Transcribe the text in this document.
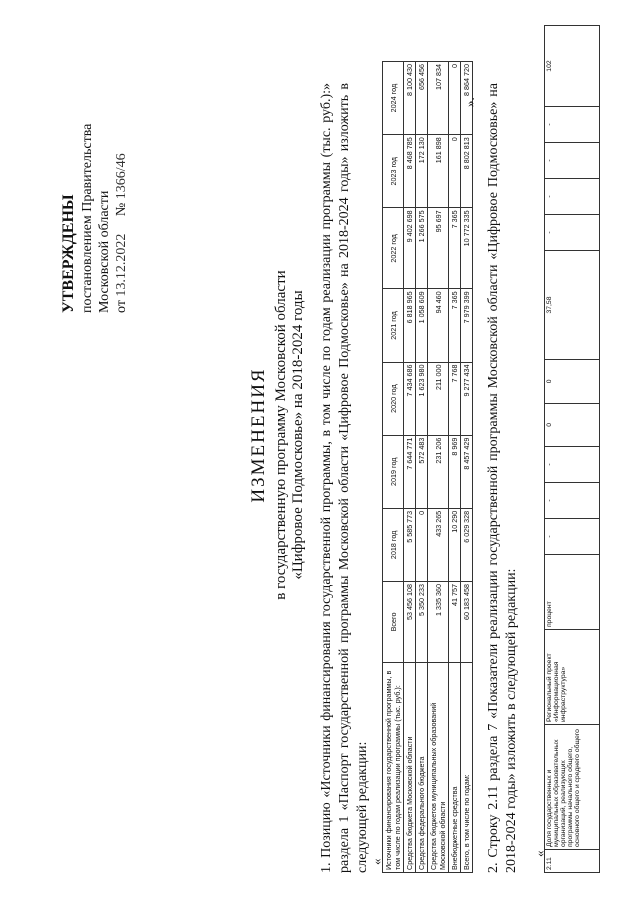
УТВЕРЖДЕНЫ постановлением Правительства Московской области от 13.12.2022 № 1366/46
ИЗМЕНЕНИЯ в государственную программу Московской области «Цифровое Подмосковье» на 2018-2024 годы 1. Позицию «Источники финансирования государственной программы, в том числе по годам реализации программы (тыс. руб.):» раздела 1 «Паспорт государственной программы Московской области «Цифровое Подмосковье» на 2018-2024 годы» изложить в следующей редакции: « Источники финансирования государственной программы, в том числе по годам реализации программы (тыс. руб.):	Всего	2018 год	2019 год	2020 год	2021 год	2022 год	2023 год	2024 год
Средства бюджета Московской области	53 456 108	5 585 773	7 644 771	7 434 686	6 818 965	9 402 698	8 468 785	8 100 430
Средства федерального бюджета	5 350 233	0	572 483	1 623 980	1 058 609	1 266 575	172 130	656 456
Средства бюджетов муниципальных образований Московской области	1 335 360	433 265	231 206	211 000	94 460	95 697	161 898	107 834
Внебюджетные средства	41 757	10 290	8 969	7 768	7 365	7 365	0	0
Всего, в том числе по годам:	60 183 458	6 029 328	8 457 429	9 277 434	7 979 399	10 772 335	8 802 813	8 864 720
». 2. Строку 2.11 раздела 7 «Показатели реализации государственной программы Московской области «Цифровое Подмосковье» на 2018-2024 годы» изложить в следующей редакции: «
2.11	Доля государственных и муниципальных образовательных организаций, реализующих программы начального общего, основного общего и среднего общего	Региональный проект «Информационная инфраструктура»	процент	-	-	-	0	0	37,58	-	-	-	-	102
